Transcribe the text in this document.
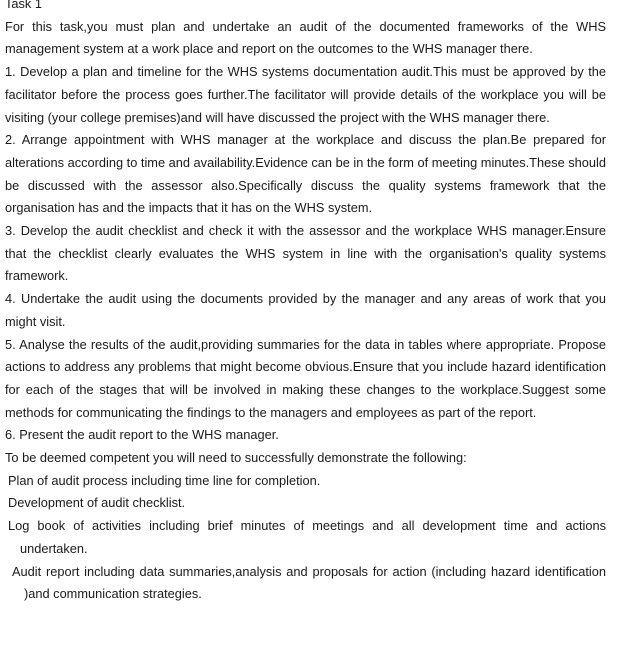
Task 1

For this task,you must plan and undertake an audit of the documented frameworks of the WHS management system at a work place and report on the outcomes to the WHS manager there.

1. Develop a plan and timeline for the WHS systems documentation audit.This must be approved by the facilitator before the process goes further.The facilitator will provide details of the workplace you will be visiting (your college premises)and will have discussed the project with the WHS manager there.

2. Arrange appointment with WHS manager at the workplace and discuss the plan.Be prepared for alterations according to time and availability.Evidence can be in the form of meeting minutes.These should be discussed with the assessor also.Specifically discuss the quality systems framework that the organisation has and the impacts that it has on the WHS system.

3. Develop the audit checklist and check it with the assessor and the workplace WHS manager.Ensure that the checklist clearly evaluates the WHS system in line with the organisation's quality systems framework.

4. Undertake the audit using the documents provided by the manager and any areas of work that you might visit.

5. Analyse the results of the audit,providing summaries for the data in tables where appropriate. Propose actions to address any problems that might become obvious.Ensure that you include hazard identification for each of the stages that will be involved in making these changes to the workplace.Suggest some methods for communicating the findings to the managers and employees as part of the report.

6. Present the audit report to the WHS manager.

To be deemed competent you will need to successfully demonstrate the following:

Plan of audit process including time line for completion.

Development of audit checklist.

Log book of activities including brief minutes of meetings and all development time and actions undertaken.

Audit report including data summaries,analysis and proposals for action (including hazard identification )and communication strategies.
